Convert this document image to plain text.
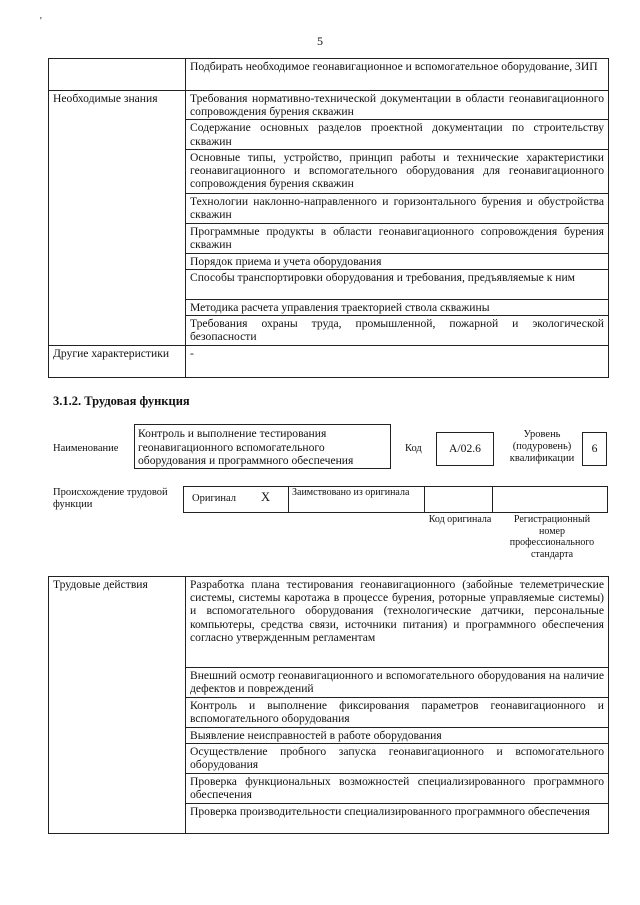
'
5
	Подбирать необходимое геонавигационное и вспомогательное оборудование, ЗИП
Необходимые знания	Требования нормативно-технической документации в области геонавигационного сопровождения бурения скважин
	Содержание основных разделов проектной документации по строительству скважин
	Основные типы, устройство, принцип работы и технические характеристики геонавигационного и вспомогательного оборудования для геонавигационного сопровождения бурения скважин
	Технологии наклонно-направленного и горизонтального бурения и обустройства скважин
	Программные продукты в области геонавигационного сопровождения бурения скважин
	Порядок приема и учета оборудования
	Способы транспортировки оборудования и требования, предъявляемые к ним
	Методика расчета управления траекторией ствола скважины
	Требования охраны труда, промышленной, пожарной и экологической безопасности
Другие характеристики	-
3.1.2. Трудовая функция
Наименование
Контроль и выполнение тестирования геонавигационного вспомогательного оборудования и программного обеспечения
Код	A/02.6
Уровень (подуровень) квалификации
6
Происхождение трудовой функции
Оригинал X Заимствовано из оригинала
Код оригинала	Регистрационный номер профессионального стандарта
Трудовые действия	Разработка плана тестирования геонавигационного (забойные телеметрические системы, системы каротажа в процессе бурения, роторные управляемые системы) и вспомогательного оборудования (технологические датчики, персональные компьютеры, средства связи, источники питания) и программного обеспечения согласно утвержденным регламентам
Внешний осмотр геонавигационного и вспомогательного оборудования на наличие дефектов и повреждений
Контроль и выполнение фиксирования параметров геонавигационного и вспомогательного оборудования
Выявление неисправностей в работе оборудования
Осуществление пробного запуска геонавигационного и вспомогательного оборудования
Проверка функциональных возможностей специализированного программного обеспечения
Проверка производительности специализированного программного обеспечения
